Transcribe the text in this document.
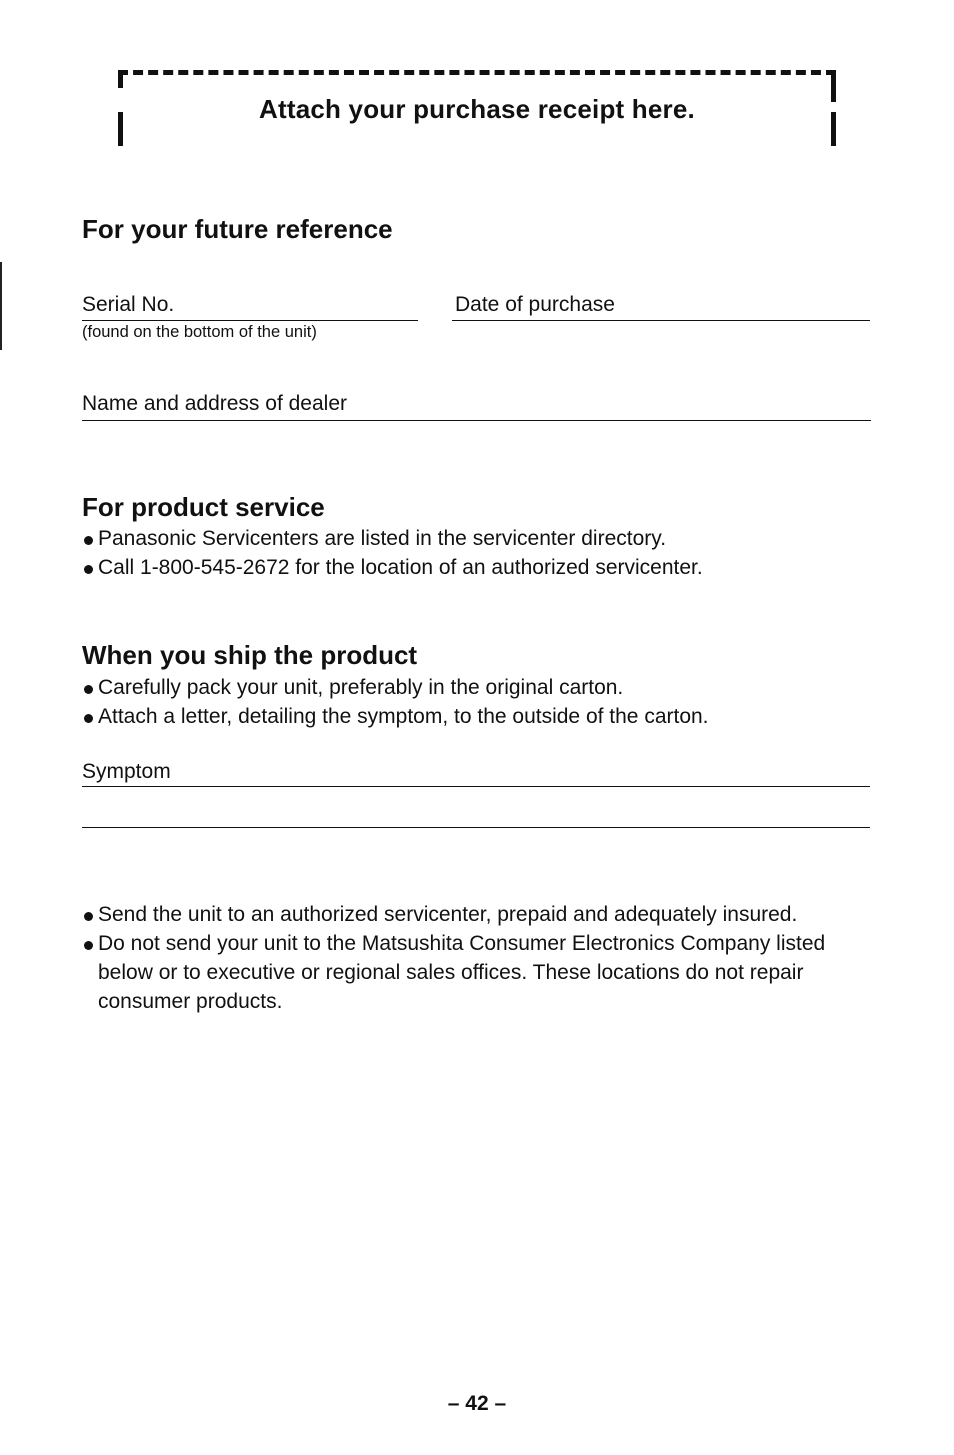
Attach your purchase receipt here.
For your future reference
Serial No.
(found on the bottom of the unit)
Date of purchase
Name and address of dealer
For product service
Panasonic Servicenters are listed in the servicenter directory.
Call 1-800-545-2672 for the location of an authorized servicenter.
When you ship the product
Carefully pack your unit, preferably in the original carton.
Attach a letter, detailing the symptom, to the outside of the carton.
Symptom
Send the unit to an authorized servicenter, prepaid and adequately insured.
Do not send your unit to the Matsushita Consumer Electronics Company listed below or to executive or regional sales offices. These locations do not repair consumer products.
– 42 –
